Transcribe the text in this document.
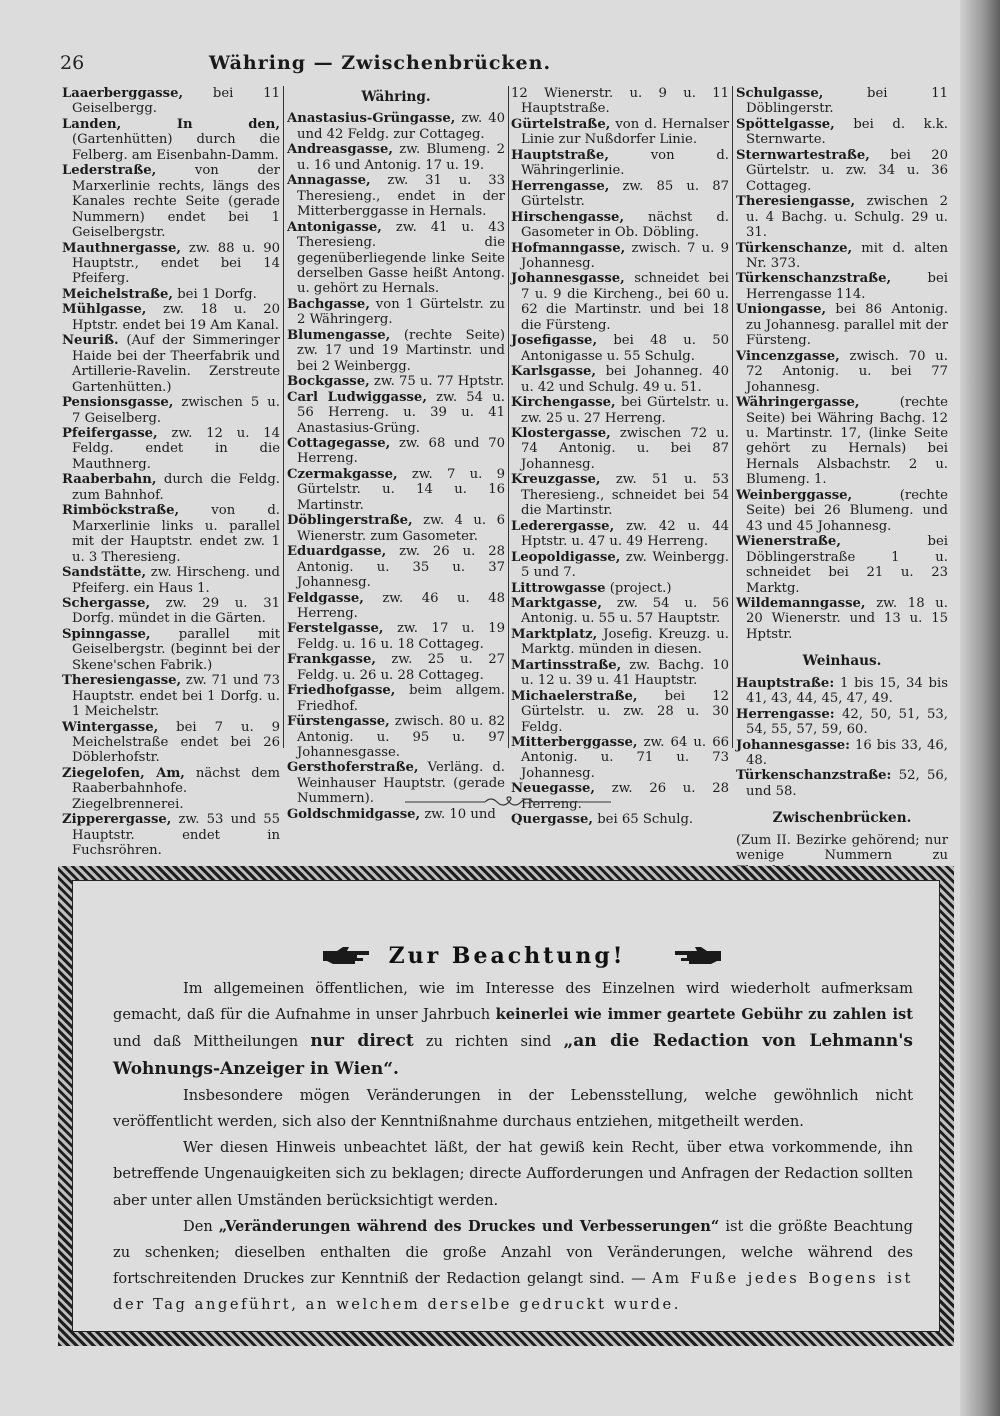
26	Währing — Zwischenbrücken.
Laaerberggasse, bei 11 Geiselbergg.
Landen, In den, (Gartenhütten) durch die Felberg. am Eisenbahn-Damm.
Lederstraße, von der Marxerlinie rechts, längs des Kanales rechte Seite (gerade Nummern) endet bei 1 Geiselbergstr.
Mauthnergasse, zw. 88 u. 90 Hauptstr., endet bei 14 Pfeiferg.
Meichelstraße, bei 1 Dorfg.
Mühlgasse, zw. 18 u. 20 Hptstr. endet bei 19 Am Kanal.
Neuriß. (Auf der Simmeringer Haide bei der Theerfabrik und Artillerie-Ravelin. Zerstreute Gartenhütten.)
Pensionsgasse, zwischen 5 u. 7 Geiselberg.
Pfeifergasse, zw. 12 u. 14 Feldg. endet in die Mauthnerg.
Raaberbahn, durch die Feldg. zum Bahnhof.
Rimböckstraße, von d. Marxerlinie links u. parallel mit der Hauptstr. endet zw. 1 u. 3 Theresieng.
Sandstätte, zw. Hirscheng. und Pfeiferg. ein Haus 1.
Schergasse, zw. 29 u. 31 Dorfg. mündet in die Gärten.
Spinngasse, parallel mit Geiselbergstr. (beginnt bei der Skene'schen Fabrik.)
Theresiengasse, zw. 71 und 73 Hauptstr. endet bei 1 Dorfg. u. 1 Meichelstr.
Wintergasse, bei 7 u. 9 Meichelstraße endet bei 26 Döblerhofstr.
Ziegelofen, Am, nächst dem Raaberbahnhofe. Ziegelbrennerei.
Zipperergasse, zw. 53 und 55 Hauptstr. endet in Fuchsröhren.
Währing.
Anastasius-Grüngasse, zw. 40 und 42 Feldg. zur Cottageg.
Andreasgasse, zw. Blumeng. 2 u. 16 und Antonig. 17 u. 19.
Annagasse, zw. 31 u. 33 Theresieng., endet in der Mitterberggasse in Hernals.
Antonigasse, zw. 41 u. 43 Theresieng. die gegenüberliegende linke Seite derselben Gasse heißt Antong. u. gehört zu Hernals.
Bachgasse, von 1 Gürtelstr. zu 2 Währingerg.
Blumengasse, (rechte Seite) zw. 17 und 19 Martinstr. und bei 2 Weinbergg.
Bockgasse, zw. 75 u. 77 Hptstr.
Carl Ludwiggasse, zw. 54 u. 56 Herreng. u. 39 u. 41 Anastasius-Grüng.
Cottagegasse, zw. 68 und 70 Herreng.
Czermakgasse, zw. 7 u. 9 Gürtelstr. u. 14 u. 16 Martinstr.
Döblingerstraße, zw. 4 u. 6 Wienerstr. zum Gasometer.
Eduardgasse, zw. 26 u. 28 Antonig. u. 35 u. 37 Johannesg.
Feldgasse, zw. 46 u. 48 Herreng.
Ferstelgasse, zw. 17 u. 19 Feldg. u. 16 u. 18 Cottageg.
Frankgasse, zw. 25 u. 27 Feldg. u. 26 u. 28 Cottageg.
Friedhofgasse, beim allgem. Friedhof.
Fürstengasse, zwisch. 80 u. 82 Antonig. u. 95 u. 97 Johannesgasse.
Gersthoferstraße, Verläng. d. Weinhauser Hauptstr. (gerade Nummern).
Goldschmidgasse, zw. 10 und
12 Wienerstr. u. 9 u. 11 Hauptstraße.
Gürtelstraße, von d. Hernalser Linie zur Nußdorfer Linie.
Hauptstraße, von d. Währingerlinie.
Herrengasse, zw. 85 u. 87 Gürtelstr.
Hirschengasse, nächst d. Gasometer in Ob. Döbling.
Hofmanngasse, zwisch. 7 u. 9 Johannesg.
Johannesgasse, schneidet bei 7 u. 9 die Kircheng., bei 60 u. 62 die Martinstr. und bei 18 die Fürsteng.
Josefigasse, bei 48 u. 50 Antonigasse u. 55 Schulg.
Karlsgasse, bei Johanneg. 40 u. 42 und Schulg. 49 u. 51.
Kirchengasse, bei Gürtelstr. u. zw. 25 u. 27 Herreng.
Klostergasse, zwischen 72 u. 74 Antonig. u. bei 87 Johannesg.
Kreuzgasse, zw. 51 u. 53 Theresieng., schneidet bei 54 die Martinstr.
Lederergasse, zw. 42 u. 44 Hptstr. u. 47 u. 49 Herreng.
Leopoldigasse, zw. Weinbergg. 5 und 7.
Littrowgasse (project.)
Marktgasse, zw. 54 u. 56 Antonig. u. 55 u. 57 Hauptstr.
Marktplatz, Josefig. Kreuzg. u. Marktg. münden in diesen.
Martinsstraße, zw. Bachg. 10 u. 12 u. 39 u. 41 Hauptstr.
Michaelerstraße, bei 12 Gürtelstr. u. zw. 28 u. 30 Feldg.
Mitterberggasse, zw. 64 u. 66 Antonig. u. 71 u. 73 Johannesg.
Neuegasse, zw. 26 u. 28 Herreng.
Quergasse, bei 65 Schulg.
Schulgasse, bei 11 Döblingerstr.
Spöttelgasse, bei d. k.k. Sternwarte.
Sternwartestraße, bei 20 Gürtelstr. u. zw. 34 u. 36 Cottageg.
Theresiengasse, zwischen 2 u. 4 Bachg. u. Schulg. 29 u. 31.
Türkenschanze, mit d. alten Nr. 373.
Türkenschanzstraße, bei Herrengasse 114.
Uniongasse, bei 86 Antonig. zu Johannesg. parallel mit der Fürsteng.
Vincenzgasse, zwisch. 70 u. 72 Antonig. u. bei 77 Johannesg.
Währingergasse, (rechte Seite) bei Währing Bachg. 12 u. Martinstr. 17, (linke Seite gehört zu Hernals) bei Hernals Alsbachstr. 2 u. Blumeng. 1.
Weinberggasse, (rechte Seite) bei 26 Blumeng. und 43 und 45 Johannesg.
Wienerstraße, bei Döblingerstraße 1 u. schneidet bei 21 u. 23 Marktg.
Wildemanngasse, zw. 18 u. 20 Wienerstr. und 13 u. 15 Hptstr.
Weinhaus.
Hauptstraße: 1 bis 15, 34 bis 41, 43, 44, 45, 47, 49.
Herrengasse: 42, 50, 51, 53, 54, 55, 57, 59, 60.
Johannesgasse: 16 bis 33, 46, 48.
Türkenschanzstraße: 52, 56, und 58.
Zwischenbrücken.
(Zum II. Bezirke gehörend; nur wenige Nummern zu
Zur Beachtung!

Im allgemeinen öffentlichen, wie im Interesse des Einzelnen wird wiederholt aufmerksam gemacht, daß für die Aufnahme in unser Jahrbuch keinerlei wie immer geartete Gebühr zu zahlen ist und daß Mittheilungen nur direct zu richten sind „an die Redaction von Lehmann's Wohnungs-Anzeiger in Wien“.

Insbesondere mögen Veränderungen in der Lebensstellung, welche gewöhnlich nicht veröffentlicht werden, sich also der Kenntnißnahme durchaus entziehen, mitgetheilt werden.

Wer diesen Hinweis unbeachtet läßt, der hat gewiß kein Recht, über etwa vorkommende, ihn betreffende Ungenauigkeiten sich zu beklagen; directe Aufforderungen und Anfragen der Redaction sollten aber unter allen Umständen berücksichtigt werden.

Den „Veränderungen während des Druckes und Verbesserungen“ ist die größte Beachtung zu schenken; dieselben enthalten die große Anzahl von Veränderungen, welche während des fortschreitenden Druckes zur Kenntniß der Redaction gelangt sind. — Am Fuße jedes Bogens ist der Tag angeführt, an welchem derselbe gedruckt wurde.
